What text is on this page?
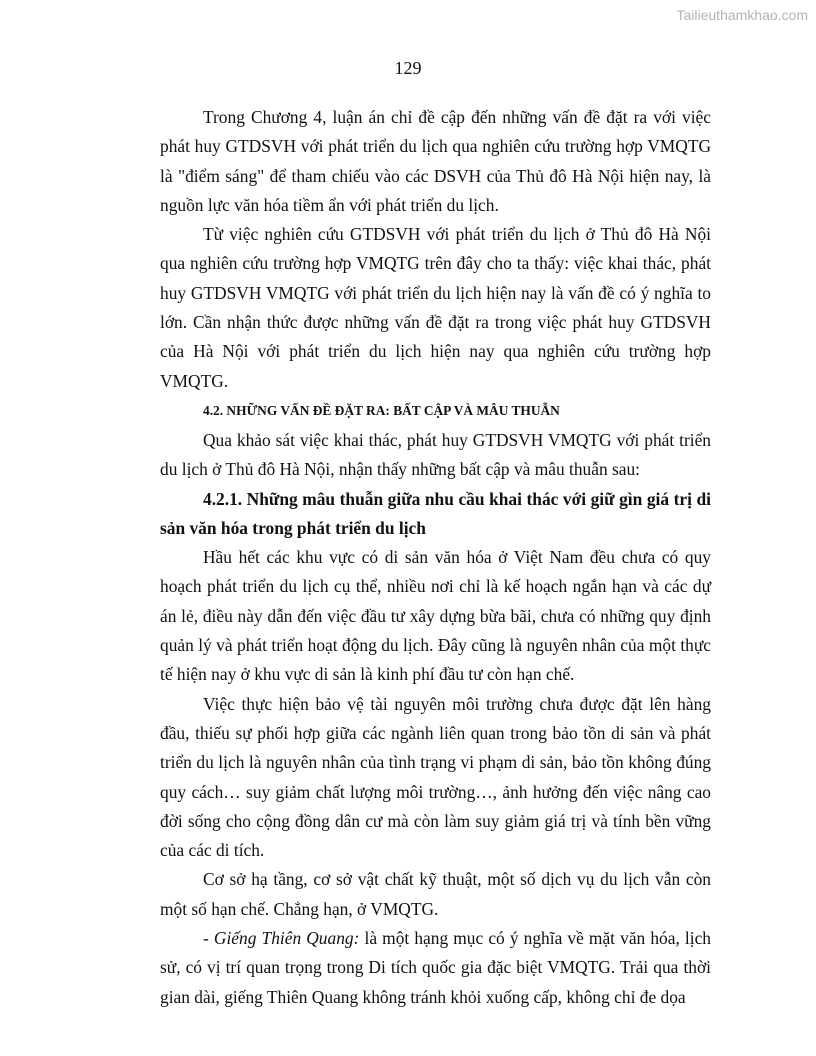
Tailieuthamkhao.com
129

Trong Chương 4, luận án chỉ đề cập đến những vấn đề đặt ra với việc phát huy GTDSVH với phát triển du lịch qua nghiên cứu trường hợp VMQTG là "điểm sáng" để tham chiếu vào các DSVH của Thủ đô Hà Nội hiện nay, là nguồn lực văn hóa tiềm ẩn với phát triển du lịch.

Từ việc nghiên cứu GTDSVH với phát triển du lịch ở Thủ đô Hà Nội qua nghiên cứu trường hợp VMQTG trên đây cho ta thấy: việc khai thác, phát huy GTDSVH VMQTG với phát triển du lịch hiện nay là vấn đề có ý nghĩa to lớn. Cần nhận thức được những vấn đề đặt ra trong việc phát huy GTDSVH của Hà Nội với phát triển du lịch hiện nay qua nghiên cứu trường hợp VMQTG.

4.2. NHỮNG VẤN ĐỀ ĐẶT RA: BẤT CẬP VÀ MÂU THUẪN

Qua khảo sát việc khai thác, phát huy GTDSVH VMQTG với phát triển du lịch ở Thủ đô Hà Nội, nhận thấy những bất cập và mâu thuẫn sau:

4.2.1. Những mâu thuẫn giữa nhu cầu khai thác với giữ gìn giá trị di sản văn hóa trong phát triển du lịch

Hầu hết các khu vực có di sản văn hóa ở Việt Nam đều chưa có quy hoạch phát triển du lịch cụ thể, nhiều nơi chỉ là kế hoạch ngắn hạn và các dự án lẻ, điều này dẫn đến việc đầu tư xây dựng bừa bãi, chưa có những quy định quản lý và phát triển hoạt động du lịch. Đây cũng là nguyên nhân của một thực tế hiện nay ở khu vực di sản là kinh phí đầu tư còn hạn chế.

Việc thực hiện bảo vệ tài nguyên môi trường chưa được đặt lên hàng đầu, thiếu sự phối hợp giữa các ngành liên quan trong bảo tồn di sản và phát triển du lịch là nguyên nhân của tình trạng vi phạm di sản, bảo tồn không đúng quy cách… suy giảm chất lượng môi trường…, ảnh hưởng đến việc nâng cao đời sống cho cộng đồng dân cư mà còn làm suy giảm giá trị và tính bền vững của các di tích.

Cơ sở hạ tầng, cơ sở vật chất kỹ thuật, một số dịch vụ du lịch vẫn còn một số hạn chế. Chẳng hạn, ở VMQTG.

- Giếng Thiên Quang: là một hạng mục có ý nghĩa về mặt văn hóa, lịch sử, có vị trí quan trọng trong Di tích quốc gia đặc biệt VMQTG. Trải qua thời gian dài, giếng Thiên Quang không tránh khỏi xuống cấp, không chỉ đe dọa
